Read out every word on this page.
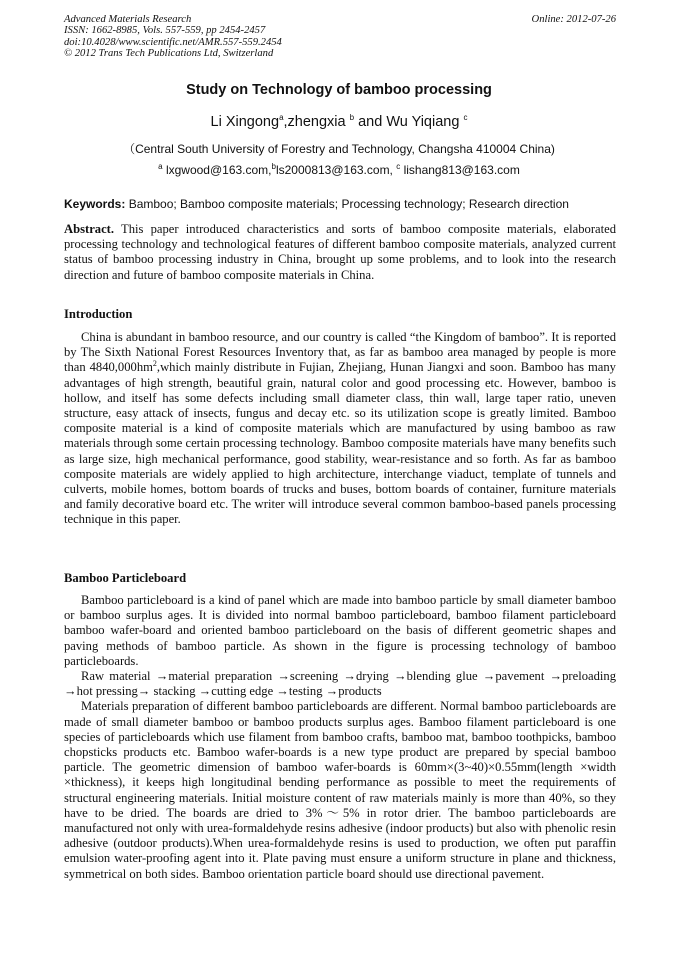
Advanced Materials Research
ISSN: 1662-8985, Vols. 557-559, pp 2454-2457
doi:10.4028/www.scientific.net/AMR.557-559.2454
© 2012 Trans Tech Publications Ltd, Switzerland
Online: 2012-07-26
Study on Technology of bamboo processing
Li Xingong$^a$,zhengxia $^b$ and Wu Yiqiang $^c$
（Central South University of Forestry and Technology, Changsha 410004 China)
$^a$ lxgwood@163.com,$^b$ls2000813@163.com, $^c$ lishang813@163.com
Keywords: Bamboo; Bamboo composite materials; Processing technology; Research direction

Abstract. This paper introduced characteristics and sorts of bamboo composite materials, elaborated processing technology and technological features of different bamboo composite materials, analyzed current status of bamboo processing industry in China, brought up some problems, and to look into the research direction and future of bamboo composite materials in China.

Introduction

China is abundant in bamboo resource, and our country is called “the Kingdom of bamboo”. It is reported by The Sixth National Forest Resources Inventory that, as far as bamboo area managed by people is more than $4840,000hm^2,which$ mainly distribute in Fujian, Zhejiang, Hunan Jiangxi and soon. Bamboo has many advantages of high strength, beautiful grain, natural color and good processing etc. However, bamboo is hollow, and itself has some defects including small diameter class, thin wall, large taper ratio, uneven structure, easy attack of insects, fungus and decay etc. so its utilization scope is greatly limited. Bamboo composite material is a kind of composite materials which are manufactured by using bamboo as raw materials through some certain processing technology. Bamboo composite materials have many benefits such as large size, high mechanical performance, good stability, wear-resistance and so forth. As far as bamboo composite materials are widely applied to high architecture, interchange viaduct, template of tunnels and culverts, mobile homes, bottom boards of trucks and buses, bottom boards of container, furniture materials and family decorative board etc. The writer will introduce several common bamboo-based panels processing technique in this paper.

Bamboo Particleboard

Bamboo particleboard is a kind of panel which are made into bamboo particle by small diameter bamboo or bamboo surplus ages. It is divided into normal bamboo particleboard, bamboo filament particleboard bamboo wafer-board and oriented bamboo particleboard on the basis of different geometric shapes and paving methods of bamboo particle. As shown in the figure is processing technology of bamboo particleboards.

Raw material →material preparation →screening →drying →blending glue →pavement →preloading →hot pressing→ stacking →cutting edge →testing →products

Materials preparation of different bamboo particleboards are different. Normal bamboo particleboards are made of small diameter bamboo or bamboo products surplus ages. Bamboo filament particleboard is one species of particleboards which use filament from bamboo crafts, bamboo mat, bamboo toothpicks, bamboo chopsticks products etc. Bamboo wafer-boards is a new type product are prepared by special bamboo particle. The geometric dimension of bamboo wafer-boards is 60mm×(3~40)×0.55mm(length ×width ×thickness), it keeps high longitudinal bending performance as possible to meet the requirements of structural engineering materials. Initial moisture content of raw materials mainly is more than 40%, so they have to be dried. The boards are dried to 3%～5% in rotor drier. The bamboo particleboards are manufactured not only with urea-formaldehyde resins adhesive (indoor products) but also with phenolic resin adhesive (outdoor products).When urea-formaldehyde resins is used to production, we often put paraffin emulsion water-proofing agent into it. Plate paving must ensure a uniform structure in plane and thickness, symmetrical on both sides. Bamboo orientation particle board should use directional pavement.
